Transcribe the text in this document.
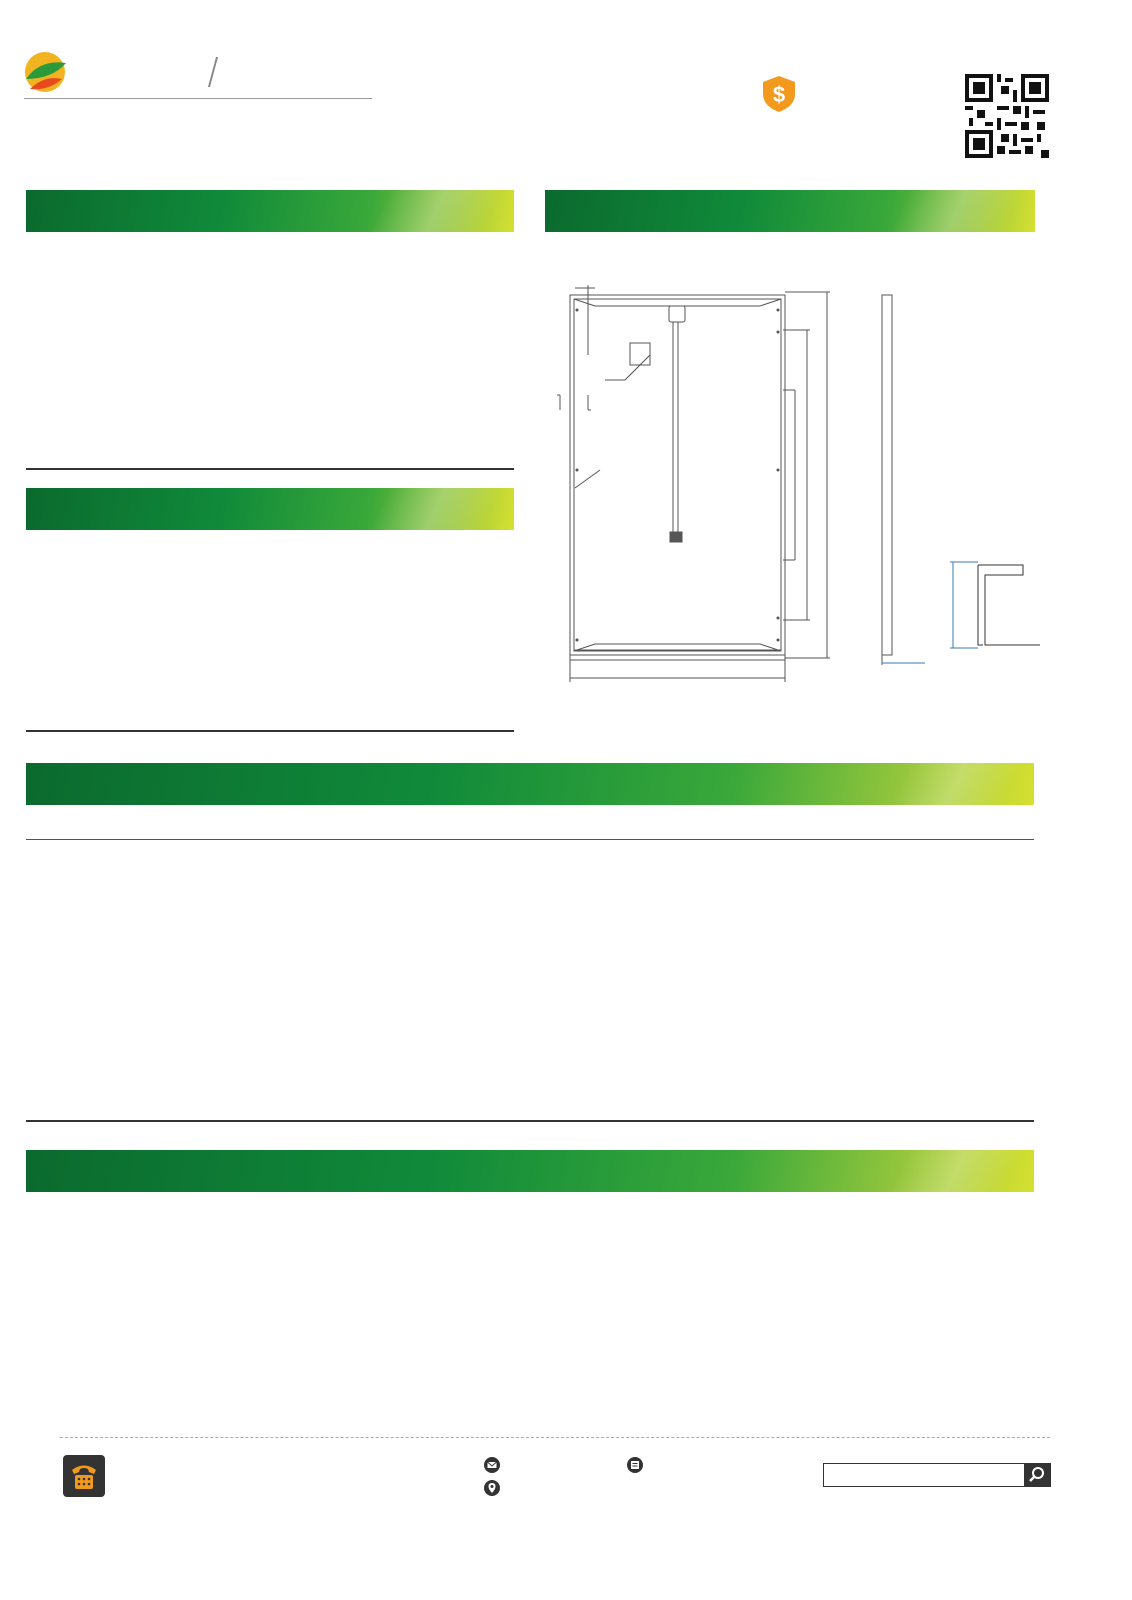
$
